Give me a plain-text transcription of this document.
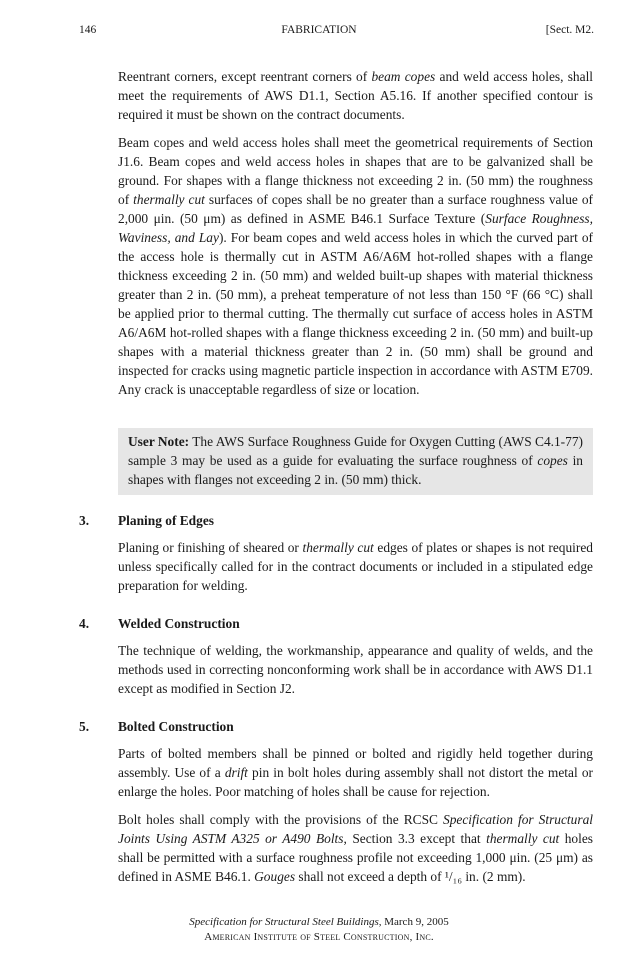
146	FABRICATION	[Sect. M2.

Reentrant corners, except reentrant corners of beam copes and weld access holes, shall meet the requirements of AWS D1.1, Section A5.16. If another specified contour is required it must be shown on the contract documents.

Beam copes and weld access holes shall meet the geometrical requirements of Section J1.6. Beam copes and weld access holes in shapes that are to be galvanized shall be ground. For shapes with a flange thickness not exceeding 2 in. (50 mm) the roughness of thermally cut surfaces of copes shall be no greater than a surface roughness value of 2,000 μin. (50 μm) as defined in ASME B46.1 Surface Texture (Surface Roughness, Waviness, and Lay). For beam copes and weld access holes in which the curved part of the access hole is thermally cut in ASTM A6/A6M hot-rolled shapes with a flange thickness exceeding 2 in. (50 mm) and welded built-up shapes with material thickness greater than 2 in. (50 mm), a preheat temperature of not less than 150 °F (66 °C) shall be applied prior to thermal cutting. The thermally cut surface of access holes in ASTM A6/A6M hot-rolled shapes with a flange thickness exceeding 2 in. (50 mm) and built-up shapes with a material thickness greater than 2 in. (50 mm) shall be ground and inspected for cracks using magnetic particle inspection in accordance with ASTM E709. Any crack is unacceptable regardless of size or location.

User Note: The AWS Surface Roughness Guide for Oxygen Cutting (AWS C4.1-77) sample 3 may be used as a guide for evaluating the surface roughness of copes in shapes with flanges not exceeding 2 in. (50 mm) thick.

3. Planing of Edges

Planing or finishing of sheared or thermally cut edges of plates or shapes is not required unless specifically called for in the contract documents or included in a stipulated edge preparation for welding.

4. Welded Construction

The technique of welding, the workmanship, appearance and quality of welds, and the methods used in correcting nonconforming work shall be in accordance with AWS D1.1 except as modified in Section J2.

5. Bolted Construction

Parts of bolted members shall be pinned or bolted and rigidly held together during assembly. Use of a drift pin in bolt holes during assembly shall not distort the metal or enlarge the holes. Poor matching of holes shall be cause for rejection.

Bolt holes shall comply with the provisions of the RCSC Specification for Structural Joints Using ASTM A325 or A490 Bolts, Section 3.3 except that thermally cut holes shall be permitted with a surface roughness profile not exceeding 1,000 μin. (25 μm) as defined in ASME B46.1. Gouges shall not exceed a depth of ¹/₁₆ in. (2 mm).

Specification for Structural Steel Buildings, March 9, 2005
American Institute of Steel Construction, Inc.
